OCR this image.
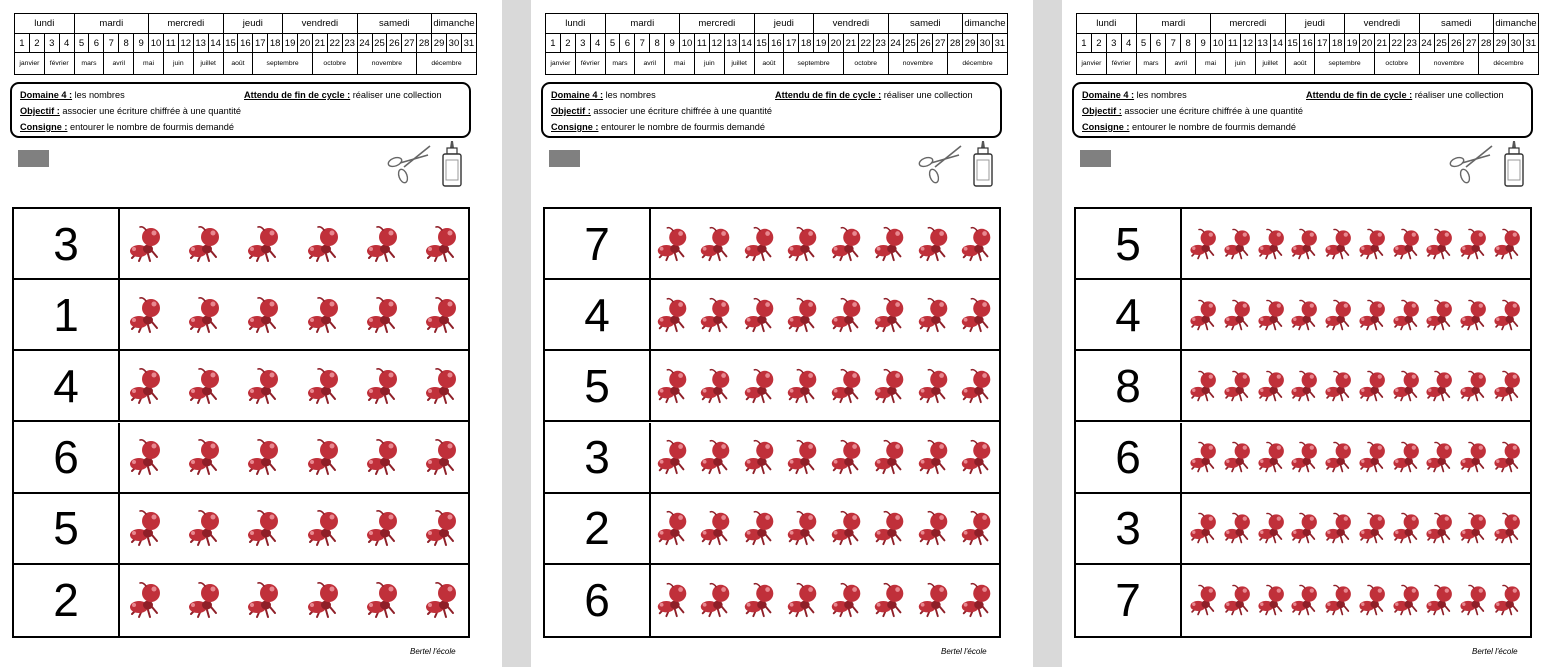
lundi				mardi					mercredi					jeudi				vendredi					samedi					dimanche		
1	2	3	4	5	6	7	8	9	10	11	12	13	14	15	16	17	18	19	20	21	22	23	24	25	26	27	28	29	30	31
janvier		février		mars		avril		mai		juin		juillet		août		septembre				octobre			novembre				décembre			
Domaine 4 : les nombres	Attendu de fin de cycle : réaliser une collection
Objectif : associer une écriture chiffrée à une quantité
Consigne : entourer le nombre de fourmis demandé
3
1
4
6
5
2
Bertel l'école
lundi				mardi					mercredi					jeudi				vendredi					samedi					dimanche		
1	2	3	4	5	6	7	8	9	10	11	12	13	14	15	16	17	18	19	20	21	22	23	24	25	26	27	28	29	30	31
janvier		février		mars		avril		mai		juin		juillet		août		septembre				octobre			novembre				décembre			
Domaine 4 : les nombres	Attendu de fin de cycle : réaliser une collection
Objectif : associer une écriture chiffrée à une quantité
Consigne : entourer le nombre de fourmis demandé
7
4
5
3
2
6
Bertel l'école
lundi				mardi					mercredi					jeudi				vendredi					samedi					dimanche		
1	2	3	4	5	6	7	8	9	10	11	12	13	14	15	16	17	18	19	20	21	22	23	24	25	26	27	28	29	30	31
janvier		février		mars		avril		mai		juin		juillet		août		septembre				octobre			novembre				décembre			
Domaine 4 : les nombres	Attendu de fin de cycle : réaliser une collection
Objectif : associer une écriture chiffrée à une quantité
Consigne : entourer le nombre de fourmis demandé
5
4
8
6
3
7
Bertel l'école
